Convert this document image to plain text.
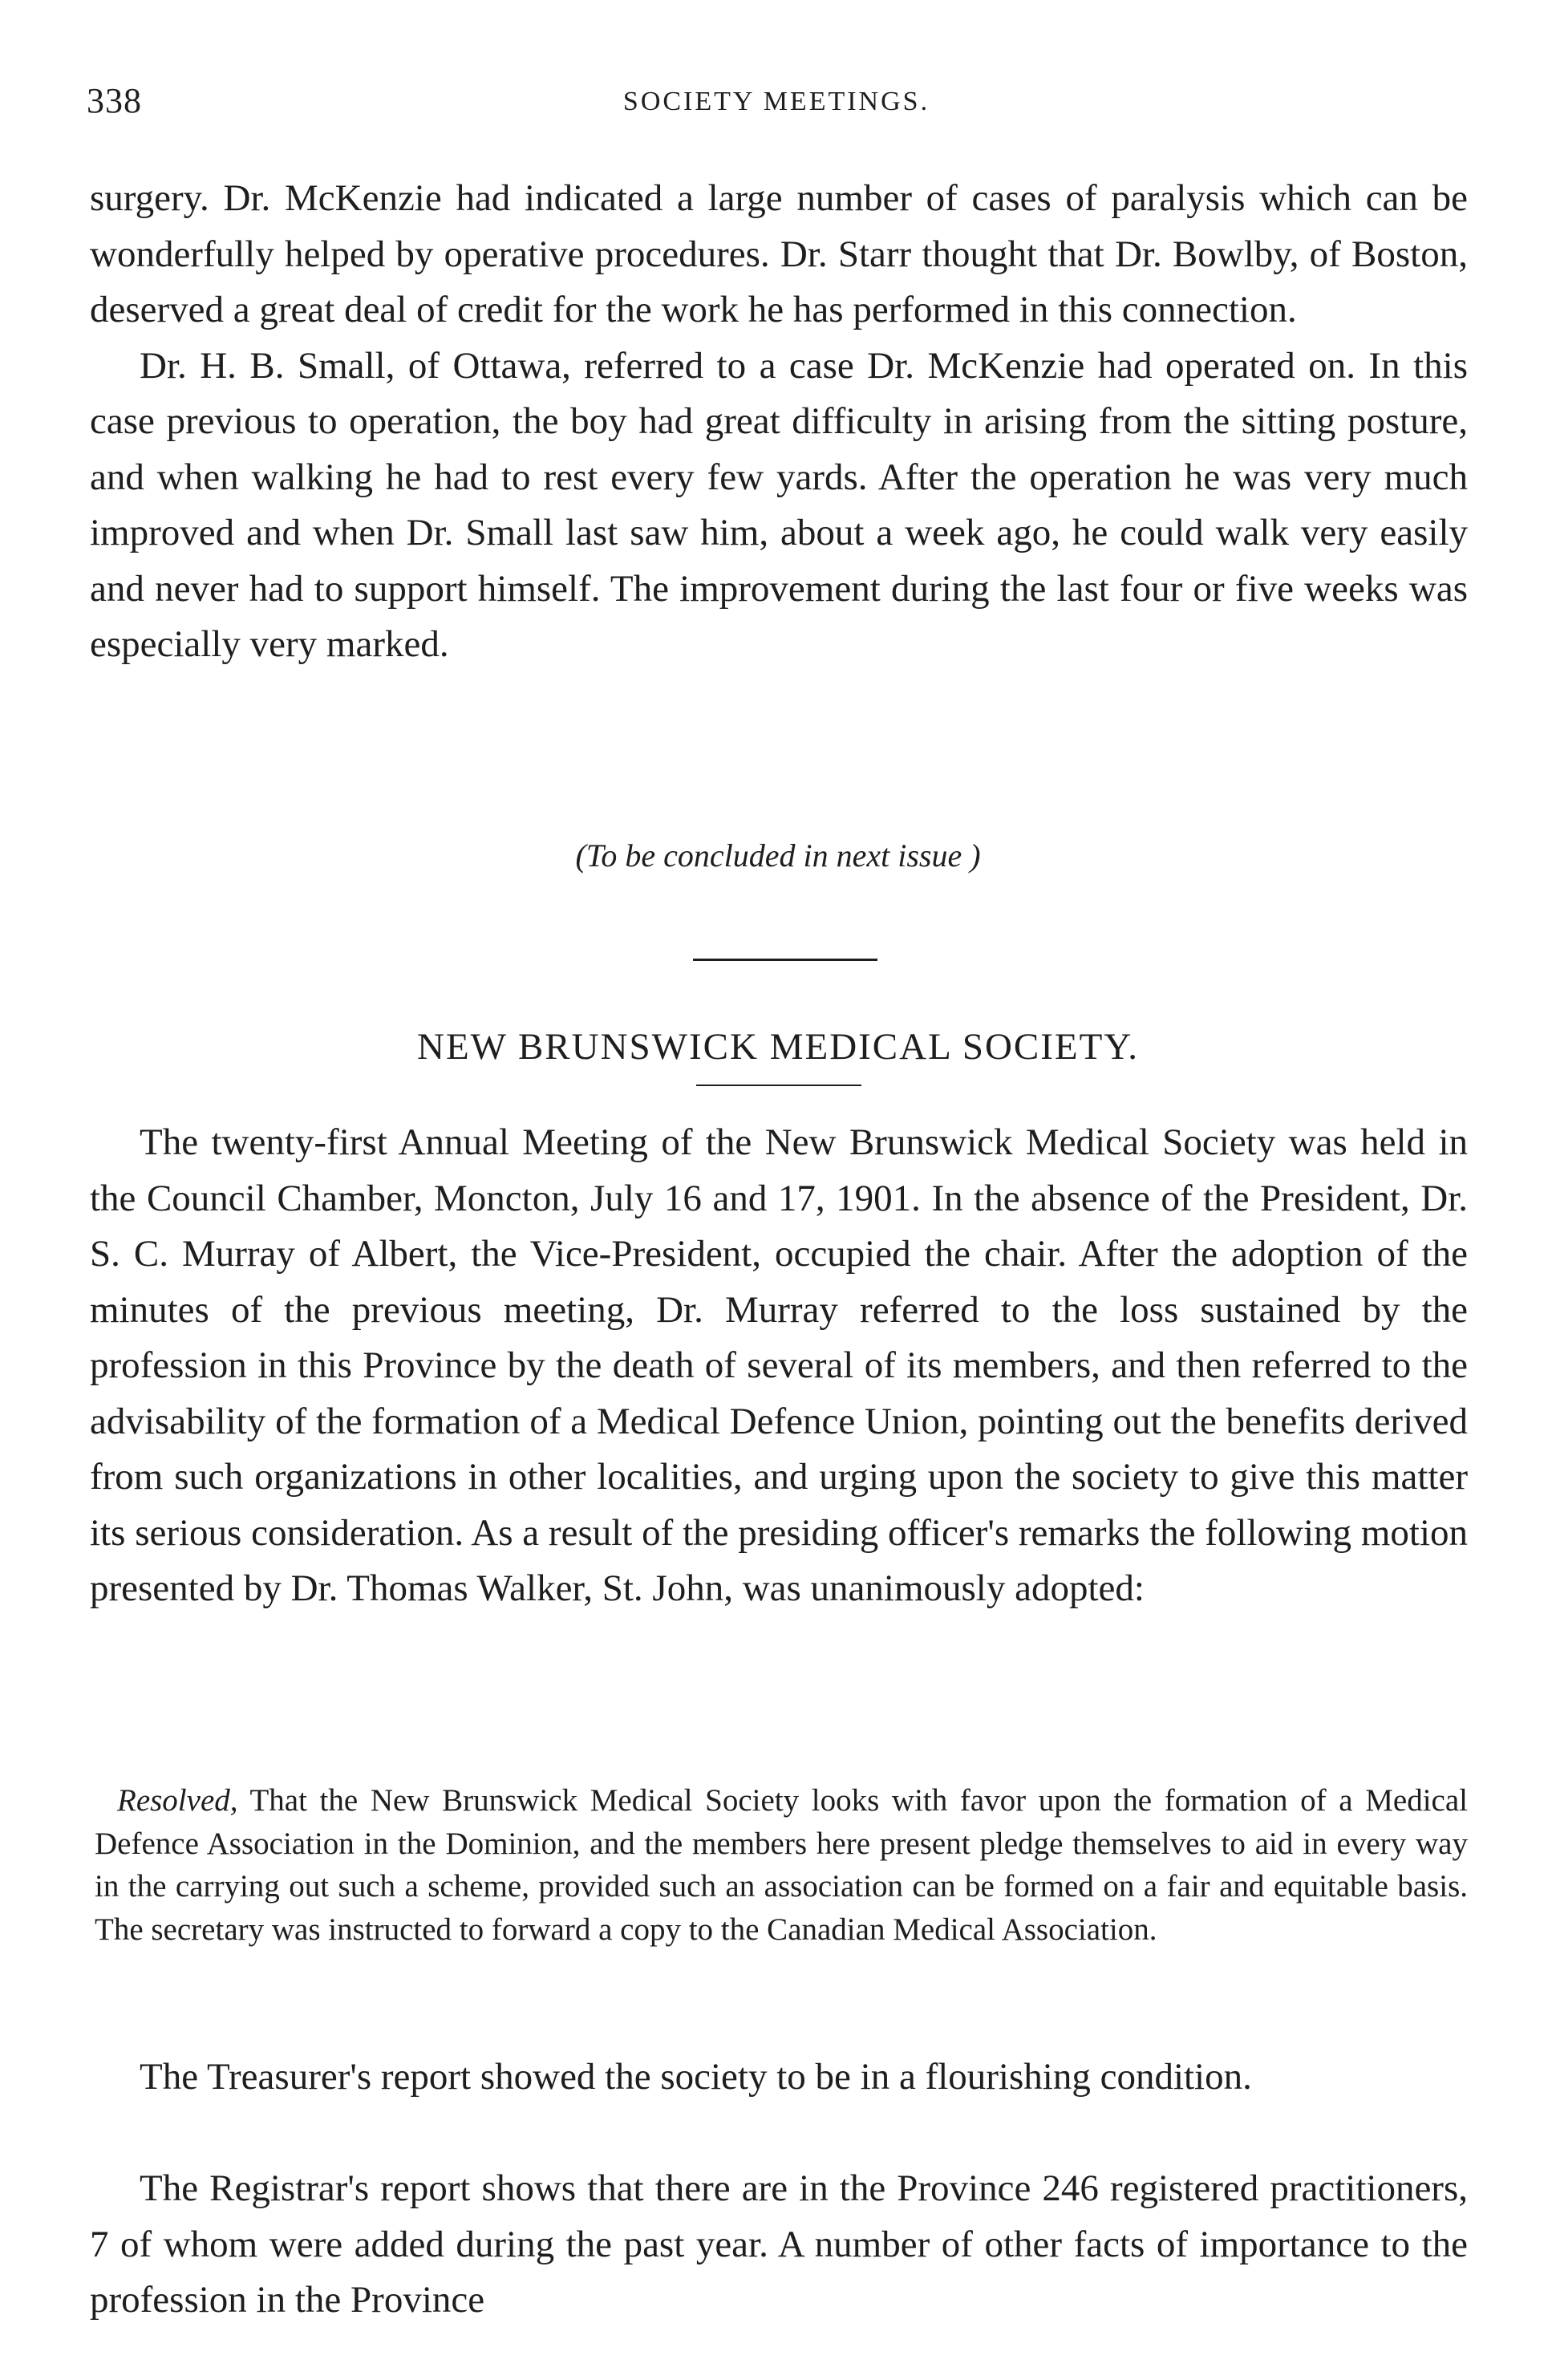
338	SOCIETY MEETINGS.

surgery. Dr. McKenzie had indicated a large number of cases of paralysis which can be wonderfully helped by operative procedures. Dr. Starr thought that Dr. Bowlby, of Boston, deserved a great deal of credit for the work he has performed in this connection.

Dr. H. B. Small, of Ottawa, referred to a case Dr. McKenzie had operated on. In this case previous to operation, the boy had great difficulty in arising from the sitting posture, and when walking he had to rest every few yards. After the operation he was very much improved and when Dr. Small last saw him, about a week ago, he could walk very easily and never had to support himself. The improvement during the last four or five weeks was especially very marked.

(To be concluded in next issue )
NEW BRUNSWICK MEDICAL SOCIETY.

The twenty-first Annual Meeting of the New Brunswick Medical Society was held in the Council Chamber, Moncton, July 16 and 17, 1901. In the absence of the President, Dr. S. C. Murray of Albert, the Vice-President, occupied the chair. After the adoption of the minutes of the previous meeting, Dr. Murray referred to the loss sustained by the profession in this Province by the death of several of its members, and then referred to the advisability of the formation of a Medical Defence Union, pointing out the benefits derived from such organizations in other localities, and urging upon the society to give this matter its serious consideration. As a result of the presiding officer's remarks the following motion presented by Dr. Thomas Walker, St. John, was unanimously adopted:

Resolved, That the New Brunswick Medical Society looks with favor upon the formation of a Medical Defence Association in the Dominion, and the members here present pledge themselves to aid in every way in the carrying out such a scheme, provided such an association can be formed on a fair and equitable basis. The secretary was instructed to forward a copy to the Canadian Medical Association.

The Treasurer's report showed the society to be in a flourishing condition.

The Registrar's report shows that there are in the Province 246 registered practitioners, 7 of whom were added during the past year. A number of other facts of importance to the profession in the Province
